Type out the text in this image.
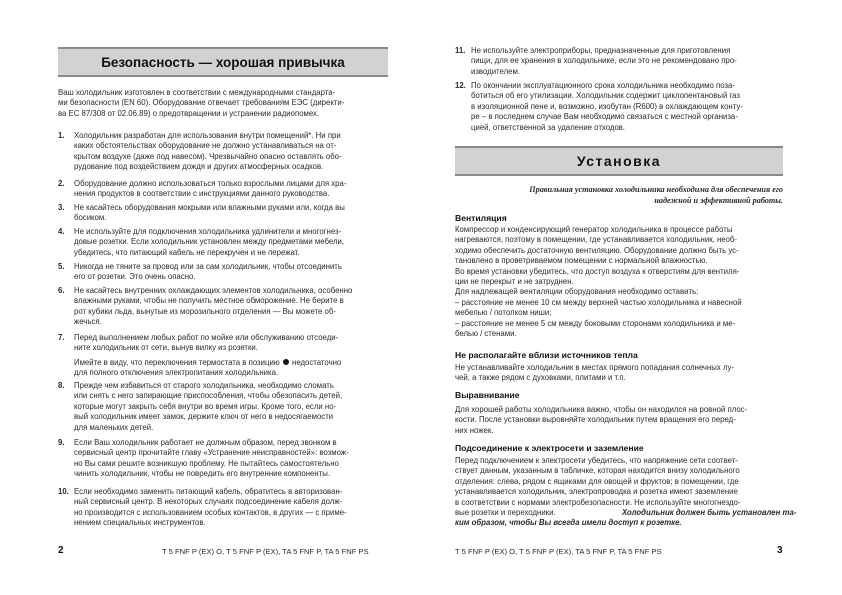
Безопасность — хорошая привычка
Ваш холодильник изготовлен в соответствии с международными стандарта-
ми безопасности (EN 60). Оборудование отвечает требованиям ЕЭС (директи-
ва ЕС 87/308 от 02.06.89) о предотвращении и устранении радиопомех.
1. Холодильник разработан для использования внутри помещений*. Ни при
каких обстоятельствах оборудование не должно устанавливаться на от-
крытом воздухе (даже под навесом). Чрезвычайно опасно оставлять обо-
рудование под воздействием дождя и других атмосферных осадков.
2. Оборудование должно использоваться только взрослыми лицами для хра-
нения продуктов в соответствии с инструкциями данного руководства.
3. Не касайтесь оборудования мокрыми или влажными руками или, когда вы
босиком.
4. Не используйте для подключения холодильника удлинители и многогнез-
довые розетки. Если холодильник установлен между предметами мебели,
убедитесь, что питающий кабель не перекручен и не пережат.
5. Никогда не тяните за провод или за сам холодильник, чтобы отсоединить
его от розетки. Это очень опасно.
6. Не касайтесь внутренних охлаждающих элементов холодильника, особенно
влажными руками, чтобы не получить местное обморожение. Не берите в
рот кубики льда, вынутые из морозильного отделения — Вы можете об-
жечься.
7. Перед выполнением любых работ по мойке или обслуживанию отсоеди-
ните холодильник от сети, вынув вилку из розетки.
Имейте в виду, что переключения термостата в позицию недостаточно
для полного отключения электропитания холодильника.
8. Прежде чем избавиться от старого холодильника, необходимо сломать
или снять с него запирающие приспособления, чтобы обезопасить детей,
которые могут закрыть себя внутри во время игры. Кроме того, если но-
вый холодильник имеет замок, держите ключ от него в недосягаемости
для маленьких детей.
9. Если Ваш холодильник работает не должным образом, перед звонком в
сервисный центр прочитайте главу «Устранение неисправностей»: возмож-
но Вы сами решите возникшую проблему. Не пытайтесь самостоятельно
чинить холодильник, чтобы не повредить его внутренние компоненты.
10. Если необходимо заменить питающий кабель, обратитесь в авторизован-
ный сервисный центр. В некоторых случаях подсоединение кабеля долж-
но производится с использованием особых контактов, в других — с приме-
нением специальных инструментов.
2	T 5 FNF P (EX) O, T 5 FNF P (EX), TA 5 FNF P, TA 5 FNF PS
11. Не используйте электроприборы, предназначенные для приготовления
пищи, для ее хранения в холодильнике, если это не рекомендовано про-
изводителем.
12. По окончании эксплуатационного срока холодильника необходимо поза-
ботиться об его утилизации. Холодильник содержит циклопентановый газ
в изоляционной пене и, возможно, изобутан (R600) в охлаждающем конту-
ре – в последнем случае Вам необходимо связаться с местной организа-
цией, ответственной за удаление отходов.
Установка
Правильная установка холодильника необходима для обеспечения его
надежной и эффективной работы.
Вентиляция
Компрессор и конденсирующий генератор холодильника в процессе работы
нагреваются, поэтому в помещении, где устанавливается холодильник, необ-
ходимо обеспечить достаточную вентиляцию. Оборудование должно быть ус-
тановлено в проветриваемом помещении с нормальной влажностью.
Во время установки убедитесь, что доступ воздуха к отверстиям для вентиля-
ции не перекрыт и не затруднен.
Для надлежащей вентиляции оборудования необходимо оставить:
– расстояние не менее 10 см между верхней частью холодильника и навесной
мебелью / потолком ниши;
– расстояние не менее 5 см между боковыми сторонами холодильника и ме-
белью / стенами.
Не располагайте вблизи источников тепла
Не устанавливайте холодильник в местах прямого попадания солнечных лу-
чей, а также рядом с духовками, плитами и т.п.
Выравнивание
Для хорошей работы холодильника важно, чтобы он находился на ровной плос-
кости. После установки выровняйте холодильник путем вращения его перед-
них ножек.
Подсоединение к электросети и заземление
Перед подключением к электросети убедитесь, что напряжение сети соответ-
ствует данным, указанным в табличке, которая находится внизу холодильного
отделения: слева, рядом с ящиками для овощей и фруктов; в помещении, где
устанавливается холодильник, электропроводка и розетка имеют заземление
в соответствии с нормами электробезопасности. Не используйте многогнездо-
вые розетки и переходники.	Холодильник должен быть установлен та-
ким образом, чтобы Вы всегда имели доступ к розетке.
T 5 FNF P (EX) O, T 5 FNF P (EX), TA 5 FNF P, TA 5 FNF PS	3
